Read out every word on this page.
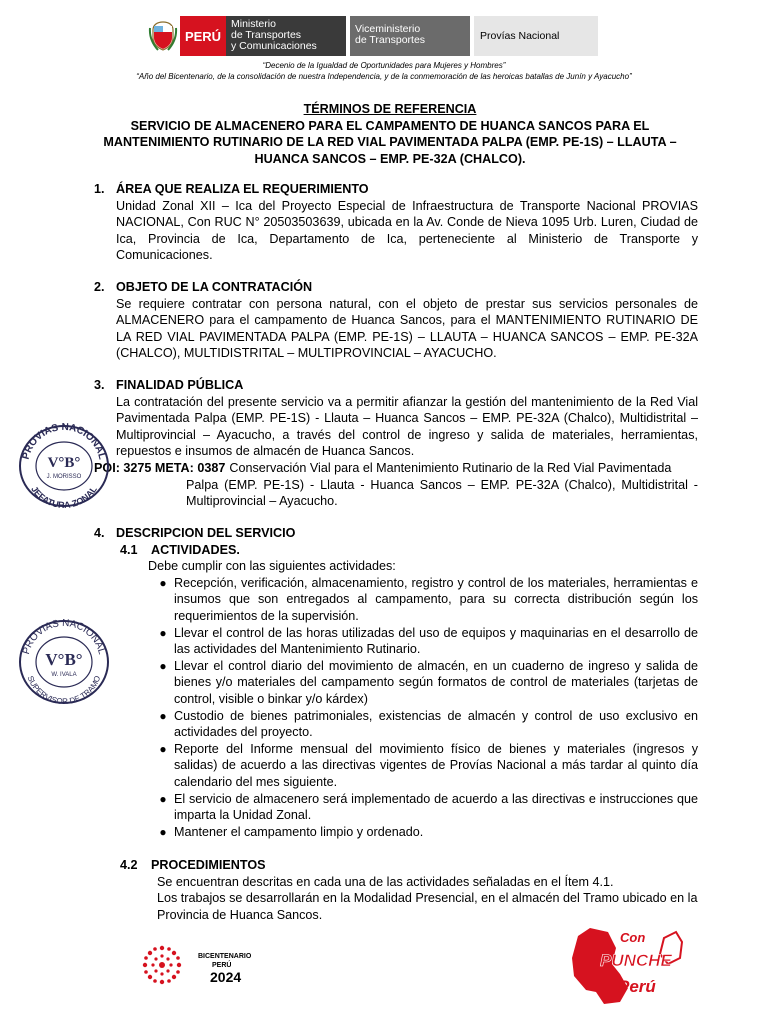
PERÚ
Ministerio
de Transportes
y Comunicaciones
Viceministerio
de Transportes	Provías Nacional
“Decenio de la Igualdad de Oportunidades para Mujeres y Hombres”
“Año del Bicentenario, de la consolidación de nuestra Independencia, y de la conmemoración de las heroicas batallas de Junín y Ayacucho”
TÉRMINOS DE REFERENCIA
SERVICIO DE ALMACENERO PARA EL CAMPAMENTO DE HUANCA SANCOS PARA EL MANTENIMIENTO RUTINARIO DE LA RED VIAL PAVIMENTADA PALPA (EMP. PE-1S) – LLAUTA – HUANCA SANCOS – EMP. PE-32A (CHALCO).
1. ÁREA QUE REALIZA EL REQUERIMIENTO
Unidad Zonal XII – Ica del Proyecto Especial de Infraestructura de Transporte Nacional PROVIAS NACIONAL, Con RUC N° 20503503639, ubicada en la Av. Conde de Nieva 1095 Urb. Luren, Ciudad de Ica, Provincia de Ica, Departamento de Ica, perteneciente al Ministerio de Transporte y Comunicaciones.
2. OBJETO DE LA CONTRATACIÓN
Se requiere contratar con persona natural, con el objeto de prestar sus servicios personales de ALMACENERO para el campamento de Huanca Sancos, para el MANTENIMIENTO RUTINARIO DE LA RED VIAL PAVIMENTADA PALPA (EMP. PE-1S) – LLAUTA – HUANCA SANCOS – EMP. PE-32A (CHALCO), MULTIDISTRITAL – MULTIPROVINCIAL – AYACUCHO.
3. FINALIDAD PÚBLICA
La contratación del presente servicio va a permitir afianzar la gestión del mantenimiento de la Red Vial Pavimentada Palpa (EMP. PE-1S) - Llauta – Huanca Sancos – EMP. PE-32A (Chalco), Multidistrital – Multiprovincial – Ayacucho, a través del control de ingreso y salida de materiales, herramientas, repuestos e insumos de almacén de Huanca Sancos.
POI: 3275 META: 0387 Conservación Vial para el Mantenimiento Rutinario de la Red Vial Pavimentada
Palpa (EMP. PE-1S) - Llauta - Huanca Sancos – EMP. PE-32A (Chalco), Multidistrital - Multiprovincial – Ayacucho.
4. DESCRIPCION DEL SERVICIO
4.1	ACTIVIDADES.
Debe cumplir con las siguientes actividades:
● Recepción, verificación, almacenamiento, registro y control de los materiales, herramientas e insumos que son entregados al campamento, para su correcta distribución según los requerimientos de la supervisión.
● Llevar el control de las horas utilizadas del uso de equipos y maquinarias en el desarrollo de las actividades del Mantenimiento Rutinario.
● Llevar el control diario del movimiento de almacén, en un cuaderno de ingreso y salida de bienes y/o materiales del campamento según formatos de control de materiales (tarjetas de control, visible o binkar y/o kárdex)
● Custodio de bienes patrimoniales, existencias de almacén y control de uso exclusivo en actividades del proyecto.
● Reporte del Informe mensual del movimiento físico de bienes y materiales (ingresos y salidas) de acuerdo a las directivas vigentes de Provías Nacional a más tardar al quinto día calendario del mes siguiente.
● El servicio de almacenero será implementado de acuerdo a las directivas e instrucciones que imparta la Unidad Zonal.
● Mantener el campamento limpio y ordenado.
4.2	PROCEDIMIENTOS
Se encuentran descritas en cada una de las actividades señaladas en el Ítem 4.1.
Los trabajos se desarrollarán en la Modalidad Presencial, en el almacén del Tramo ubicado en la Provincia de Huanca Sancos.
PROVIAS NACIONAL
JEFATURA ZONAL
V°B°
J. MORISSO
PROVIAS NACIONAL
SUPERVISOR DE TRAMO
V°B°
W. IVALA
BICENTENARIO
PERÚ
2024
Con
PUNCHE
Perú
